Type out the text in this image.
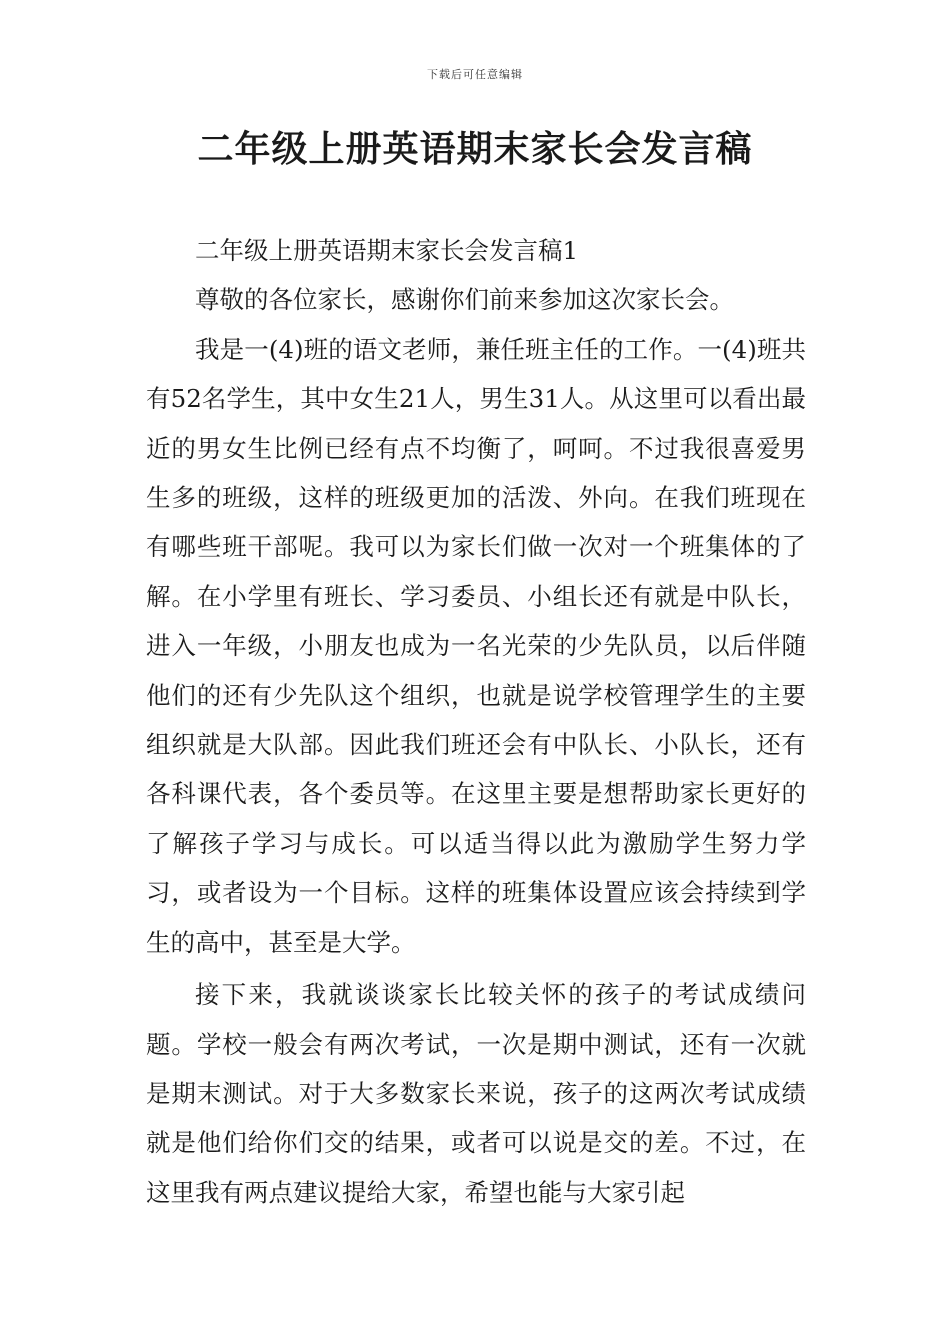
下载后可任意编辑
二年级上册英语期末家长会发言稿

二年级上册英语期末家长会发言稿1

尊敬的各位家长，感谢你们前来参加这次家长会。

我是一(4)班的语文老师，兼任班主任的工作。一(4)班共有52名学生，其中女生21人，男生31人。从这里可以看出最近的男女生比例已经有点不均衡了，呵呵。不过我很喜爱男生多的班级，这样的班级更加的活泼、外向。在我们班现在有哪些班干部呢。我可以为家长们做一次对一个班集体的了解。在小学里有班长、学习委员、小组长还有就是中队长，进入一年级，小朋友也成为一名光荣的少先队员，以后伴随他们的还有少先队这个组织，也就是说学校管理学生的主要组织就是大队部。因此我们班还会有中队长、小队长，还有各科课代表，各个委员等。在这里主要是想帮助家长更好的了解孩子学习与成长。可以适当得以此为激励学生努力学习，或者设为一个目标。这样的班集体设置应该会持续到学生的高中，甚至是大学。

接下来，我就谈谈家长比较关怀的孩子的考试成绩问题。学校一般会有两次考试，一次是期中测试，还有一次就是期末测试。对于大多数家长来说，孩子的这两次考试成绩就是他们给你们交的结果，或者可以说是交的差。不过，在这里我有两点建议提给大家，希望也能与大家引起
